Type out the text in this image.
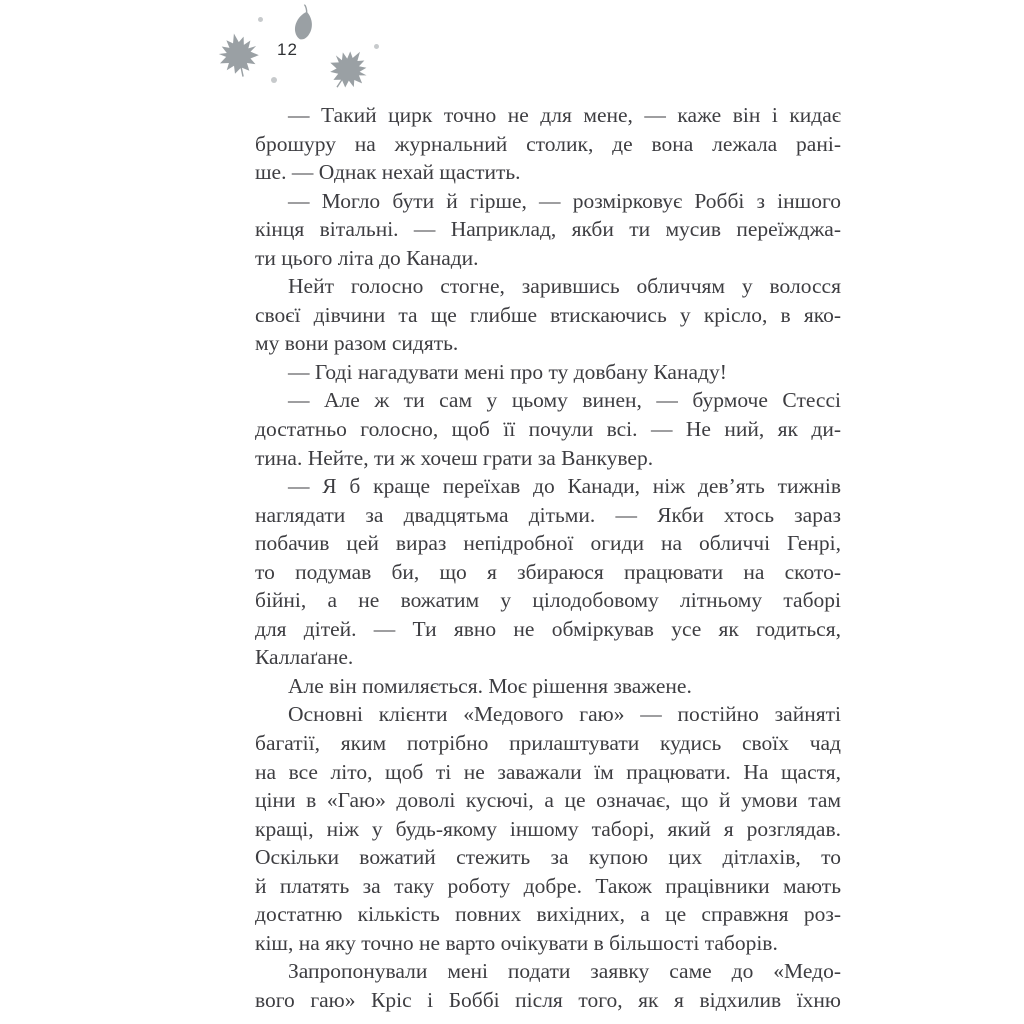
12
— Такий цирк точно не для мене, — каже він і кидає
брошуру на журнальний столик, де вона лежала рані-
ше. — Однак нехай щастить.
— Могло бути й гірше, — розмірковує Роббі з іншого
кінця вітальні. — Наприклад, якби ти мусив переїжджа-
ти цього літа до Канади.
Нейт голосно стогне, зарившись обличчям у волосся
своєї дівчини та ще глибше втискаючись у крісло, в яко-
му вони разом сидять.
— Годі нагадувати мені про ту довбану Канаду!
— Але ж ти сам у цьому винен, — бурмоче Стессі
достатньо голосно, щоб її почули всі. — Не ний, як ди-
тина. Нейте, ти ж хочеш грати за Ванкувер.
— Я б краще переїхав до Канади, ніж дев’ять тижнів
наглядати за двадцятьма дітьми. — Якби хтось зараз
побачив цей вираз непідробної огиди на обличчі Генрі,
то подумав би, що я збираюся працювати на ското-
бійні, а не вожатим у цілодобовому літньому таборі
для дітей. — Ти явно не обміркував усе як годиться,
Каллаґане.
Але він помиляється. Моє рішення зважене.
Основні клієнти «Медового гаю» — постійно зайняті
багатії, яким потрібно прилаштувати кудись своїх чад
на все літо, щоб ті не заважали їм працювати. На щастя,
ціни в «Гаю» доволі кусючі, а це означає, що й умови там
кращі, ніж у будь-якому іншому таборі, який я розглядав.
Оскільки вожатий стежить за купою цих дітлахів, то
й платять за таку роботу добре. Також працівники мають
достатню кількість повних вихідних, а це справжня роз-
кіш, на яку точно не варто очікувати в більшості таборів.
Запропонували мені подати заявку саме до «Медо-
вого гаю» Кріс і Боббі після того, як я відхилив їхню
